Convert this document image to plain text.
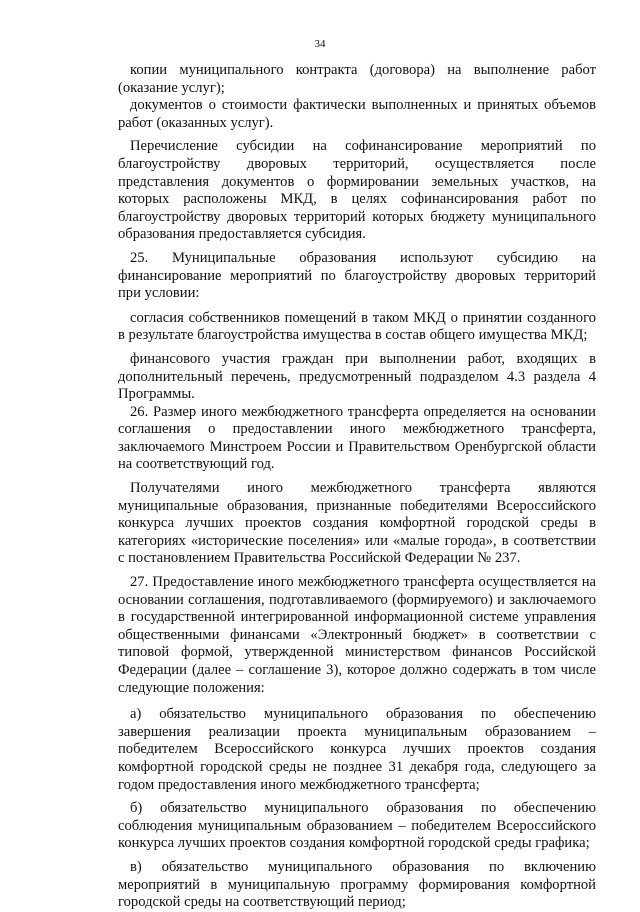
34

копии муниципального контракта (договора) на выполнение работ (оказание услуг);

документов о стоимости фактически выполненных и принятых объемов работ (оказанных услуг).

Перечисление субсидии на софинансирование мероприятий по благоустройству дворовых территорий, осуществляется после представления документов о формировании земельных участков, на которых расположены МКД, в целях софинансирования работ по благоустройству дворовых территорий которых бюджету муниципального образования предоставляется субсидия.

25. Муниципальные образования используют субсидию на финансирование мероприятий по благоустройству дворовых территорий при условии:

согласия собственников помещений в таком МКД о принятии созданного в результате благоустройства имущества в состав общего имущества МКД;

финансового участия граждан при выполнении работ, входящих в дополнительный перечень, предусмотренный подразделом 4.3 раздела 4 Программы.

26. Размер иного межбюджетного трансферта определяется на основании соглашения о предоставлении иного межбюджетного трансферта, заключаемого Минстроем России и Правительством Оренбургской области на соответствующий год.

Получателями иного межбюджетного трансферта являются муниципальные образования, признанные победителями Всероссийского конкурса лучших проектов создания комфортной городской среды в категориях «исторические поселения» или «малые города», в соответствии с постановлением Правительства Российской Федерации № 237.

27. Предоставление иного межбюджетного трансферта осуществляется на основании соглашения, подготавливаемого (формируемого) и заключаемого в государственной интегрированной информационной системе управления общественными финансами «Электронный бюджет» в соответствии с типовой формой, утвержденной министерством финансов Российской Федерации (далее – соглашение 3), которое должно содержать в том числе следующие положения:

а) обязательство муниципального образования по обеспечению завершения реализации проекта муниципальным образованием – победителем Всероссийского конкурса лучших проектов создания комфортной городской среды не позднее 31 декабря года, следующего за годом предоставления иного межбюджетного трансферта;

б) обязательство муниципального образования по обеспечению соблюдения муниципальным образованием – победителем Всероссийского конкурса лучших проектов создания комфортной городской среды графика;

в) обязательство муниципального образования по включению мероприятий в муниципальную программу формирования комфортной городской среды на соответствующий период;
